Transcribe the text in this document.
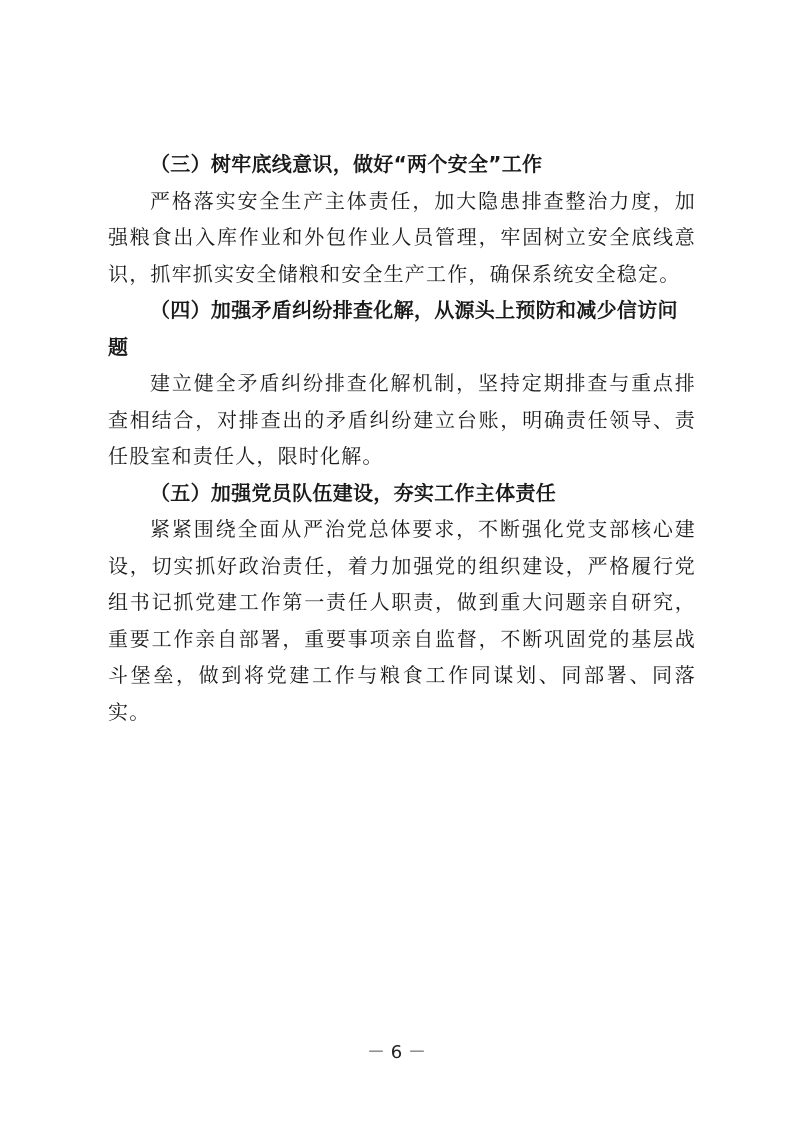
（三）树牢底线意识，做好“两个安全”工作

严格落实安全生产主体责任，加大隐患排查整治力度，加强粮食出入库作业和外包作业人员管理，牢固树立安全底线意识，抓牢抓实安全储粮和安全生产工作，确保系统安全稳定。

（四）加强矛盾纠纷排查化解，从源头上预防和减少信访问题

建立健全矛盾纠纷排查化解机制，坚持定期排查与重点排查相结合，对排查出的矛盾纠纷建立台账，明确责任领导、责任股室和责任人，限时化解。

（五）加强党员队伍建设，夯实工作主体责任

紧紧围绕全面从严治党总体要求，不断强化党支部核心建设，切实抓好政治责任，着力加强党的组织建设，严格履行党组书记抓党建工作第一责任人职责，做到重大问题亲自研究，重要工作亲自部署，重要事项亲自监督，不断巩固党的基层战斗堡垒，做到将党建工作与粮食工作同谋划、同部署、同落实。

－ 6 －
